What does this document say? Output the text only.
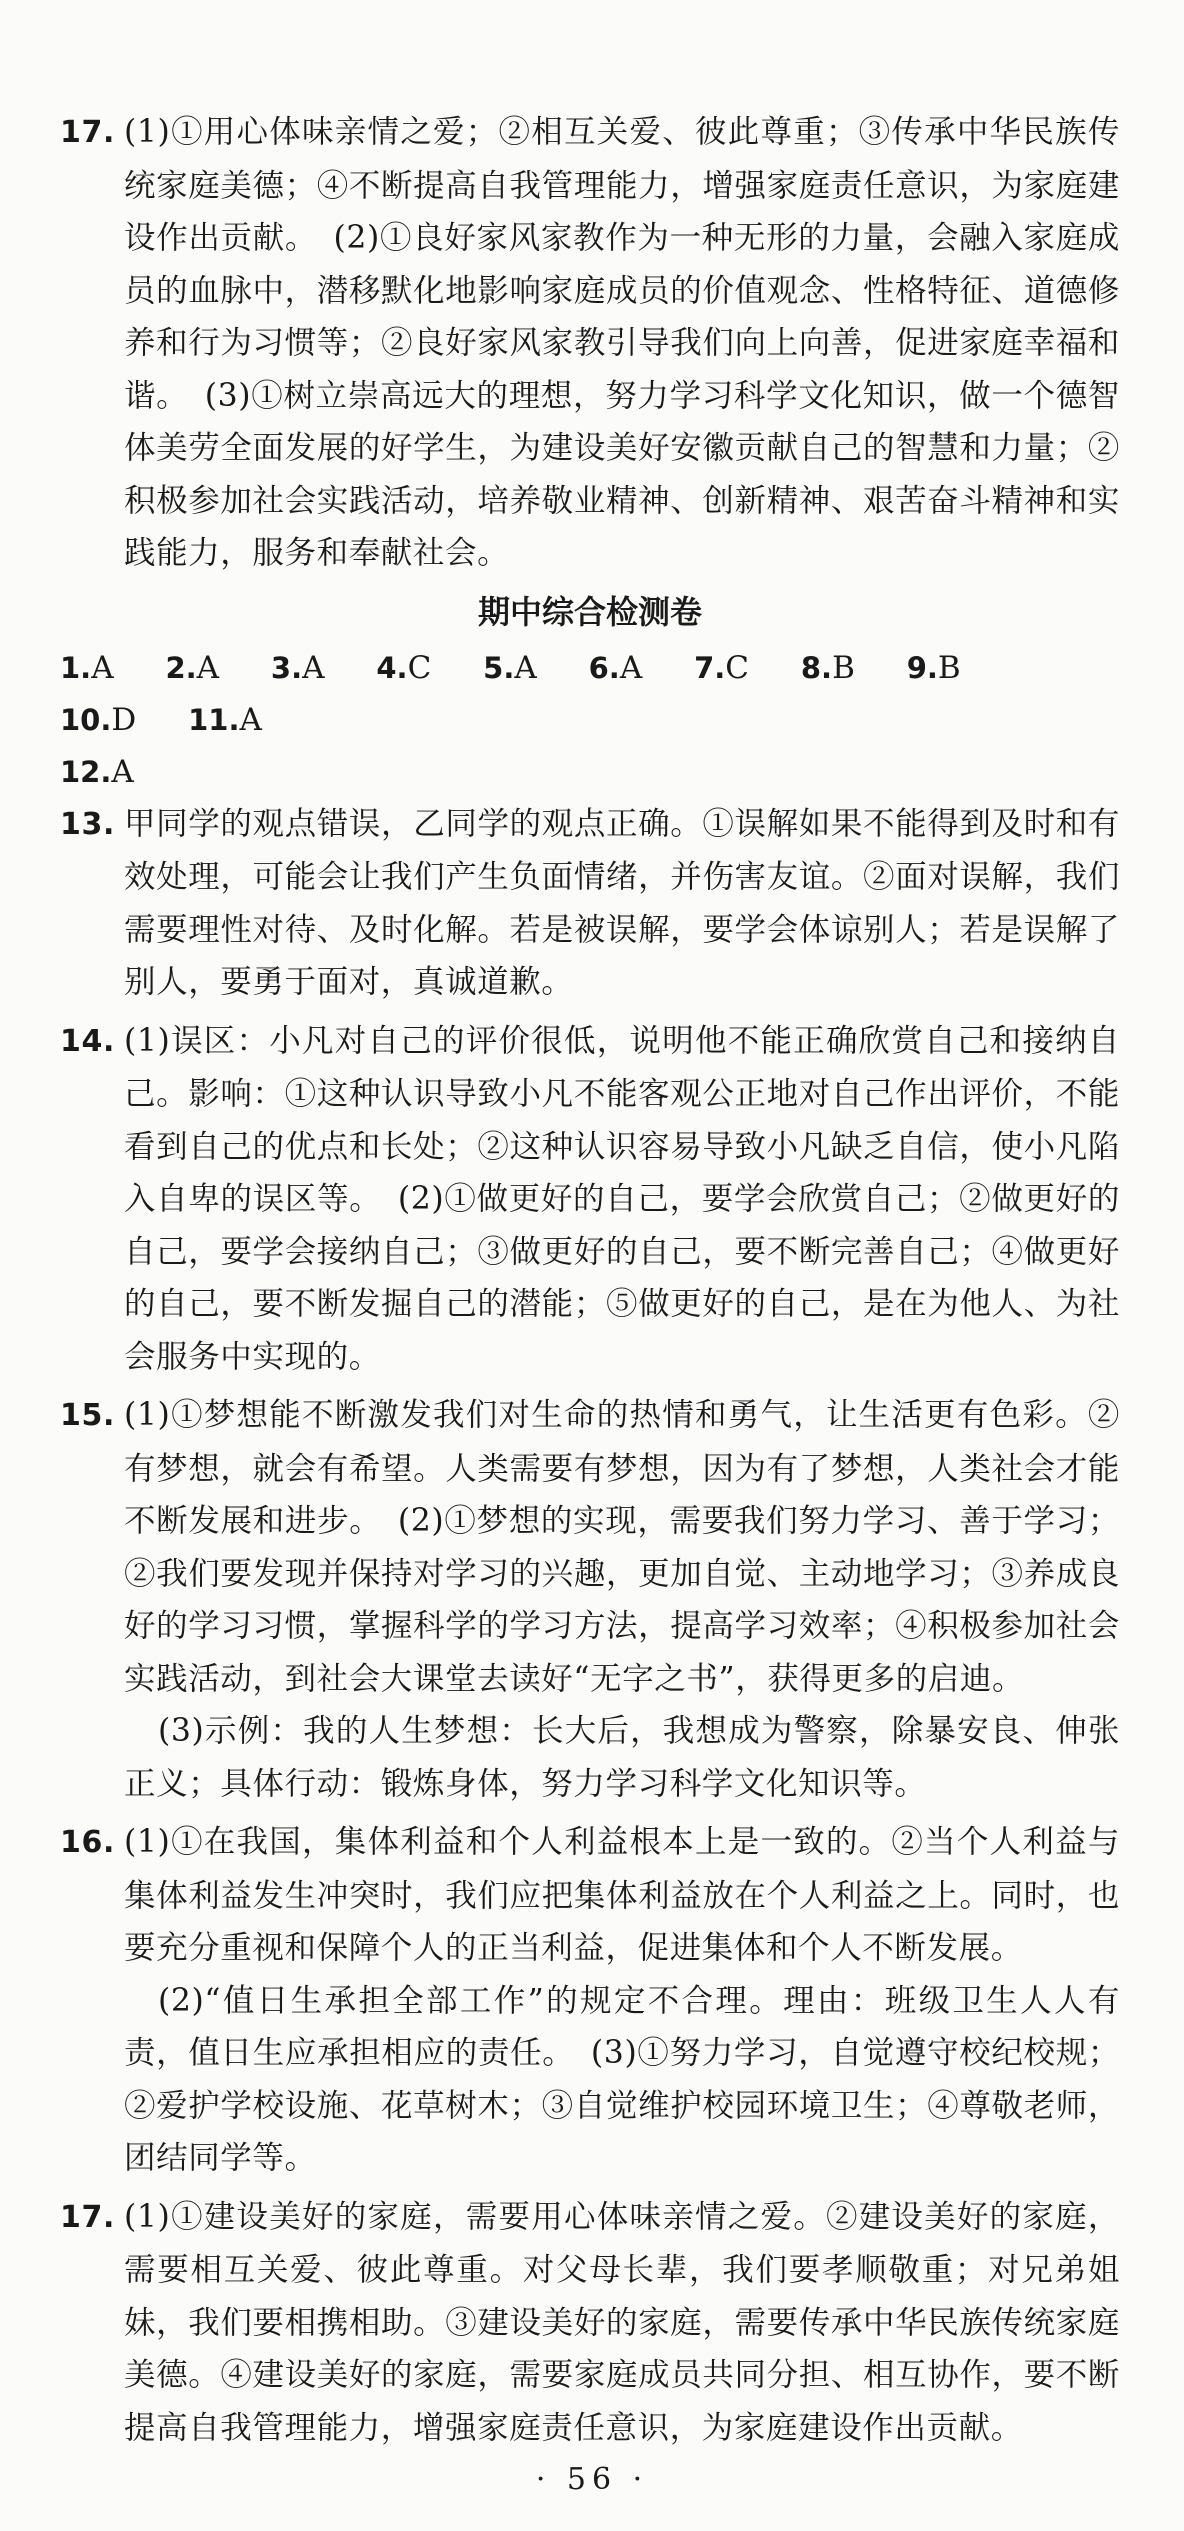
17. (1)①用心体味亲情之爱；②相互关爱、彼此尊重；③传承中华民族传统家庭美德；④不断提高自我管理能力，增强家庭责任意识，为家庭建设作出贡献。　(2)①良好家风家教作为一种无形的力量，会融入家庭成员的血脉中，潜移默化地影响家庭成员的价值观念、性格特征、道德修养和行为习惯等；②良好家风家教引导我们向上向善，促进家庭幸福和谐。　(3)①树立崇高远大的理想，努力学习科学文化知识，做一个德智体美劳全面发展的好学生，为建设美好安徽贡献自己的智慧和力量；②积极参加社会实践活动，培养敬业精神、创新精神、艰苦奋斗精神和实践能力，服务和奉献社会。
期中综合检测卷
1.A 2.A 3.A 4.C 5.A 6.A 7.C 8.B 9.B 10.D 11.A
12.A
13. 甲同学的观点错误，乙同学的观点正确。①误解如果不能得到及时和有效处理，可能会让我们产生负面情绪，并伤害友谊。②面对误解，我们需要理性对待、及时化解。若是被误解，要学会体谅别人；若是误解了别人，要勇于面对，真诚道歉。
14. (1)误区：小凡对自己的评价很低，说明他不能正确欣赏自己和接纳自己。影响：①这种认识导致小凡不能客观公正地对自己作出评价，不能看到自己的优点和长处；②这种认识容易导致小凡缺乏自信，使小凡陷入自卑的误区等。　(2)①做更好的自己，要学会欣赏自己；②做更好的自己，要学会接纳自己；③做更好的自己，要不断完善自己；④做更好的自己，要不断发掘自己的潜能；⑤做更好的自己，是在为他人、为社会服务中实现的。
15. (1)①梦想能不断激发我们对生命的热情和勇气，让生活更有色彩。②有梦想，就会有希望。人类需要有梦想，因为有了梦想，人类社会才能不断发展和进步。　(2)①梦想的实现，需要我们努力学习、善于学习；②我们要发现并保持对学习的兴趣，更加自觉、主动地学习；③养成良好的学习习惯，掌握科学的学习方法，提高学习效率；④积极参加社会实践活动，到社会大课堂去读好“无字之书”，获得更多的启迪。
(3)示例：我的人生梦想：长大后，我想成为警察，除暴安良、伸张正义；具体行动：锻炼身体，努力学习科学文化知识等。
16. (1)①在我国，集体利益和个人利益根本上是一致的。②当个人利益与集体利益发生冲突时，我们应把集体利益放在个人利益之上。同时，也要充分重视和保障个人的正当利益，促进集体和个人不断发展。
(2)“值日生承担全部工作”的规定不合理。理由：班级卫生人人有责，值日生应承担相应的责任。　(3)①努力学习，自觉遵守校纪校规；②爱护学校设施、花草树木；③自觉维护校园环境卫生；④尊敬老师，团结同学等。
17. (1)①建设美好的家庭，需要用心体味亲情之爱。②建设美好的家庭，需要相互关爱、彼此尊重。对父母长辈，我们要孝顺敬重；对兄弟姐妹，我们要相携相助。③建设美好的家庭，需要传承中华民族传统家庭美德。④建设美好的家庭，需要家庭成员共同分担、相互协作，要不断提高自我管理能力，增强家庭责任意识，为家庭建设作出贡献。
· 56 ·
